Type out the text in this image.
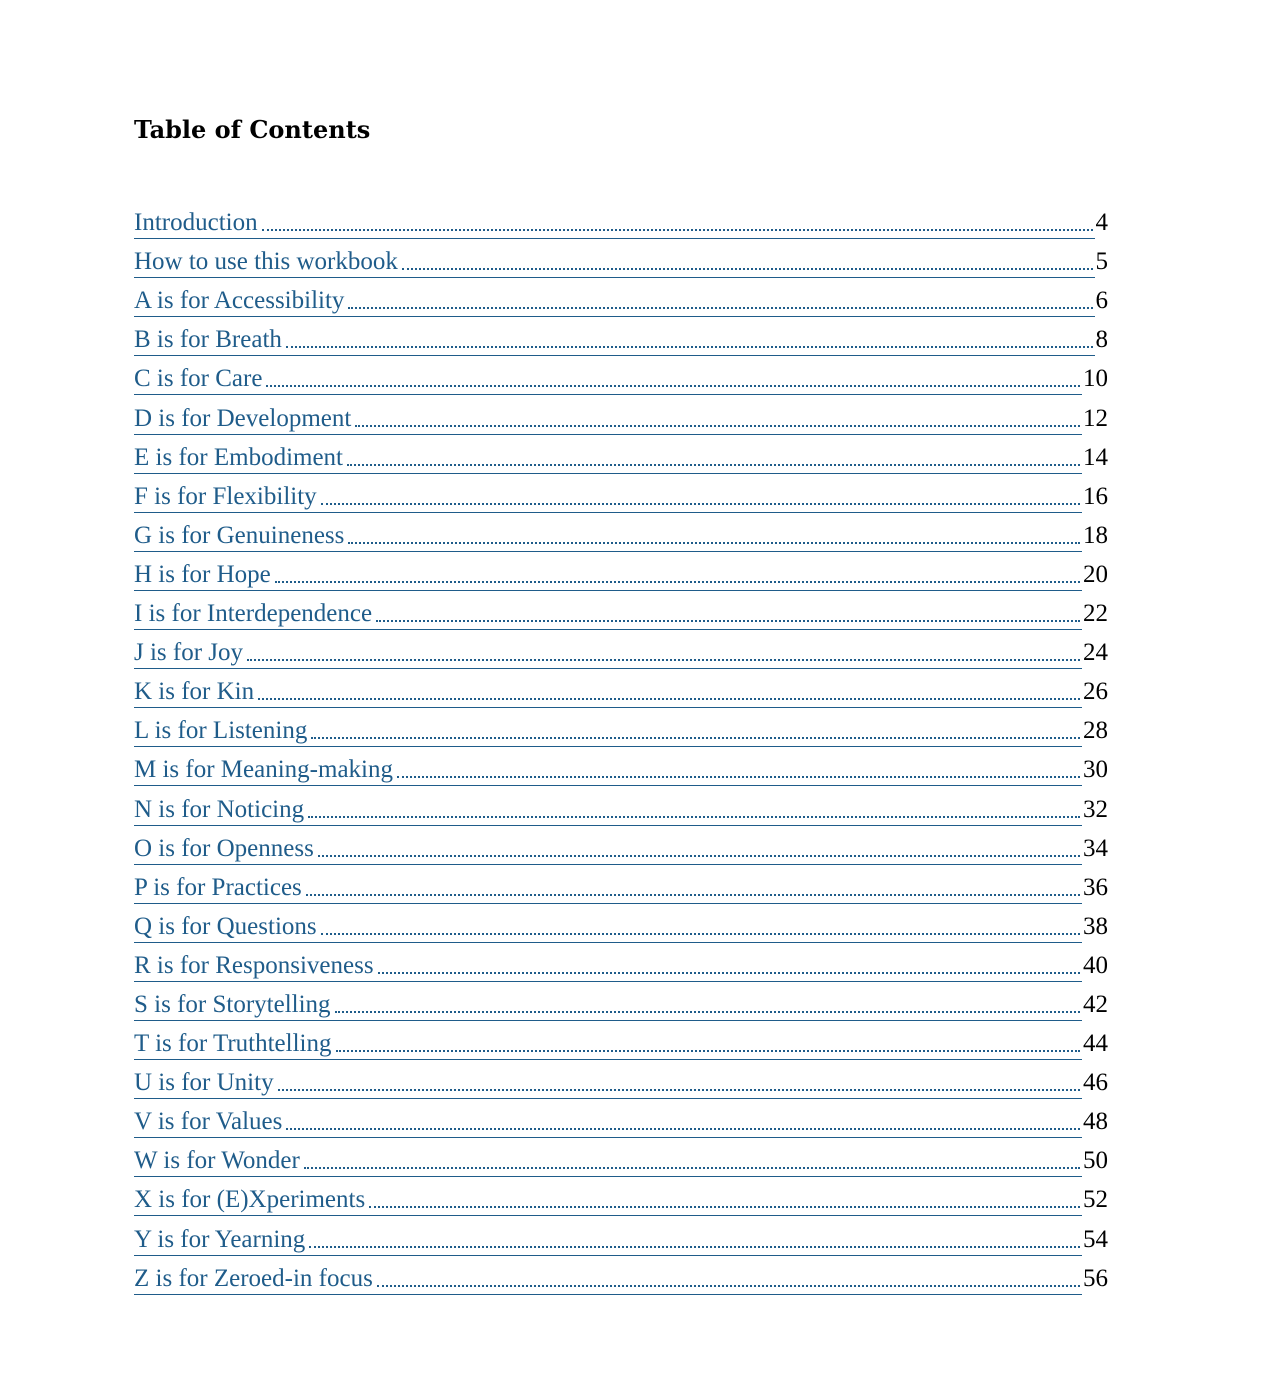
Table of Contents
Introduction	4
How to use this workbook	5
A is for Accessibility	6
B is for Breath	8
C is for Care	10
D is for Development	12
E is for Embodiment	14
F is for Flexibility	16
G is for Genuineness	18
H is for Hope	20
I is for Interdependence	22
J is for Joy	24
K is for Kin	26
L is for Listening	28
M is for Meaning-making	30
N is for Noticing	32
O is for Openness	34
P is for Practices	36
Q is for Questions	38
R is for Responsiveness	40
S is for Storytelling	42
T is for Truthtelling	44
U is for Unity	46
V is for Values	48
W is for Wonder	50
X is for (E)Xperiments	52
Y is for Yearning	54
Z is for Zeroed-in focus	56
